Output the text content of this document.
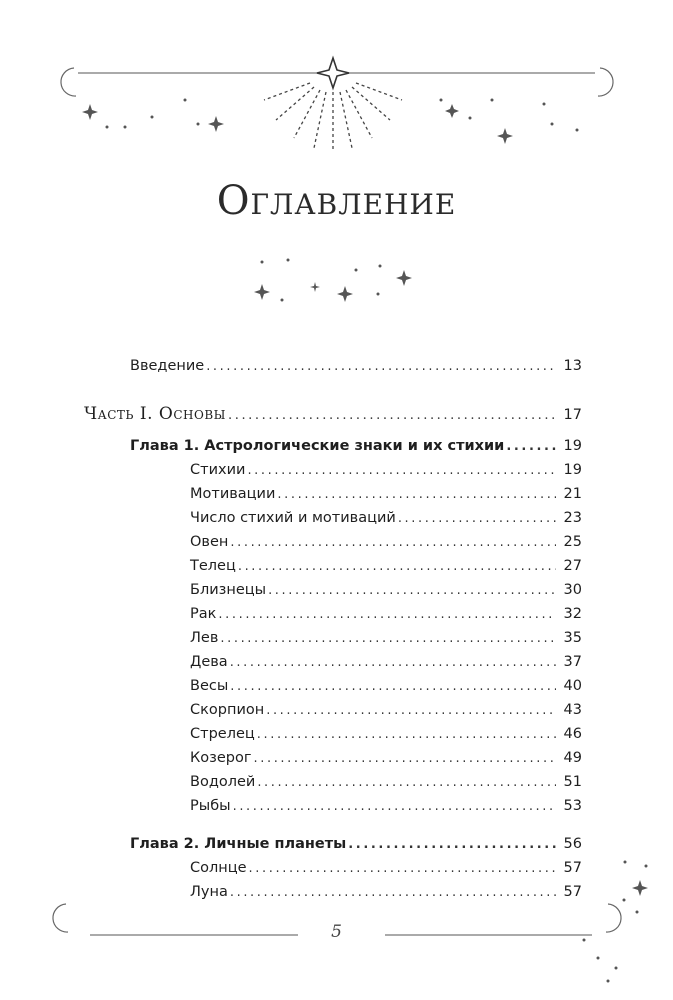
Оглавление
Введение .....	13
Часть I. Основы .....	17
Глава 1. Астрологические знаки и их стихии .....	19
Стихии .....	19
Мотивации .....	21
Число стихий и мотиваций .....	23
Овен .....	25
Телец .....	27
Близнецы .....	30
Рак .....	32
Лев .....	35
Дева .....	37
Весы .....	40
Скорпион .....	43
Стрелец .....	46
Козерог .....	49
Водолей .....	51
Рыбы .....	53
Глава 2. Личные планеты .....	56
Солнце .....	57
Луна .....	57
5
